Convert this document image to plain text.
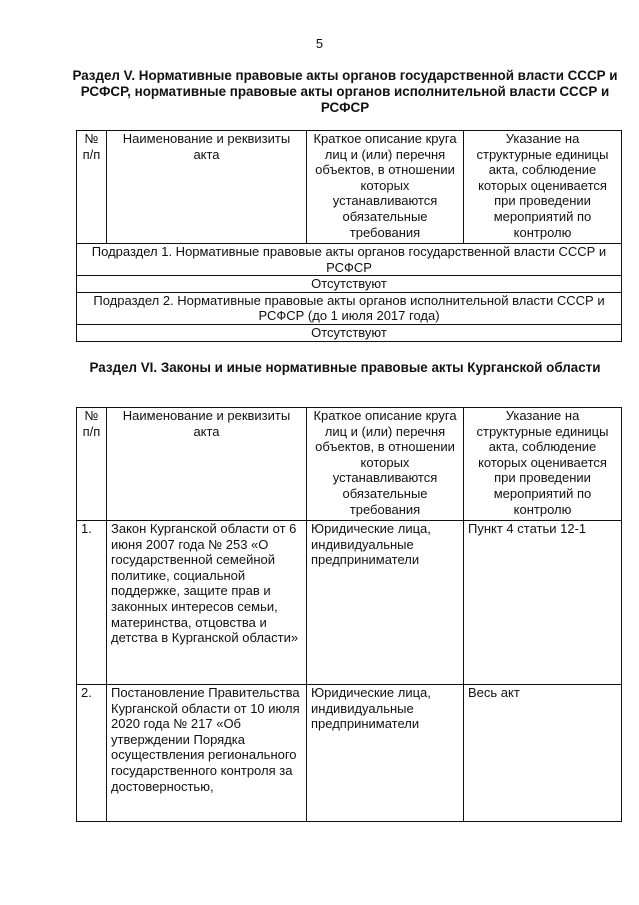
5
Раздел V. Нормативные правовые акты органов государственной власти СССР и РСФСР, нормативные правовые акты органов исполнительной власти СССР и РСФСР
№ п/п	Наименование и реквизиты акта	Краткое описание круга лиц и (или) перечня объектов, в отношении которых устанавливаются обязательные требования	Указание на структурные единицы акта, соблюдение которых оценивается при проведении мероприятий по контролю
Подраздел 1. Нормативные правовые акты органов государственной власти СССР и РСФСР
Отсутствуют
Подраздел 2. Нормативные правовые акты органов исполнительной власти СССР и РСФСР (до 1 июля 2017 года)
Отсутствуют
Раздел VI. Законы и иные нормативные правовые акты Курганской области
№ п/п	Наименование и реквизиты акта	Краткое описание круга лиц и (или) перечня объектов, в отношении которых устанавливаются обязательные требования	Указание на структурные единицы акта, соблюдение которых оценивается при проведении мероприятий по контролю
1.	Закон Курганской области от 6 июня 2007 года № 253 «О государственной семейной политике, социальной поддержке, защите прав и законных интересов семьи, материнства, отцовства и детства в Курганской области»	Юридические лица, индивидуальные предприниматели	Пункт 4 статьи 12-1
2.	Постановление Правительства Курганской области от 10 июля 2020 года № 217 «Об утверждении Порядка осуществления регионального государственного контроля за достоверностью,	Юридические лица, индивидуальные предприниматели	Весь акт
